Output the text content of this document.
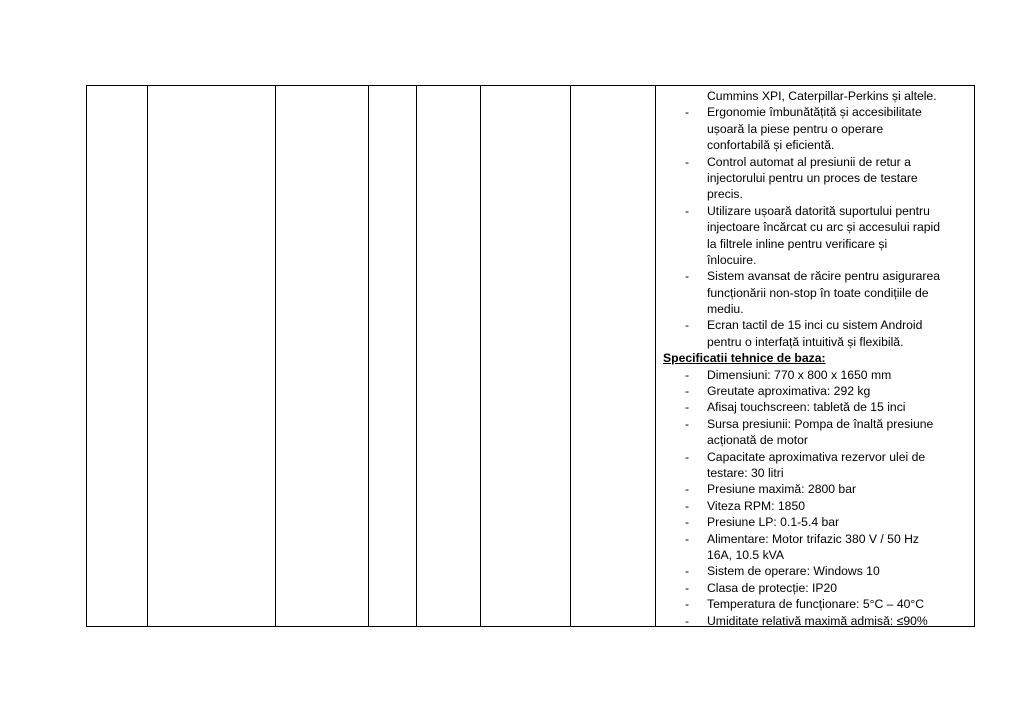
Cummins XPI, Caterpillar-Perkins și altele.
- Ergonomie îmbunătățită și accesibilitate
ușoară la piese pentru o operare
confortabilă și eficientă.
- Control automat al presiunii de retur a
injectorului pentru un proces de testare
precis.
- Utilizare ușoară datorită suportului pentru
injectoare încărcat cu arc și accesului rapid
la filtrele inline pentru verificare și
înlocuire.
- Sistem avansat de răcire pentru asigurarea
funcționării non-stop în toate condițiile de
mediu.
- Ecran tactil de 15 inci cu sistem Android
pentru o interfață intuitivă și flexibilă.
Specificatii tehnice de baza:
- Dimensiuni: 770 x 800 x 1650 mm
- Greutate aproximativa: 292 kg
- Afisaj touchscreen: tabletă de 15 inci
- Sursa presiunii: Pompa de înaltă presiune
acționată de motor
- Capacitate aproximativa rezervor ulei de
testare: 30 litri
- Presiune maximă: 2800 bar
- Viteza RPM: 1850
- Presiune LP: 0.1-5.4 bar
- Alimentare: Motor trifazic 380 V / 50 Hz
16A, 10.5 kVA
- Sistem de operare: Windows 10
- Clasa de protecție: IP20
- Temperatura de funcționare: 5°C – 40°C
- Umiditate relativă maximă admisă: ≤90%
